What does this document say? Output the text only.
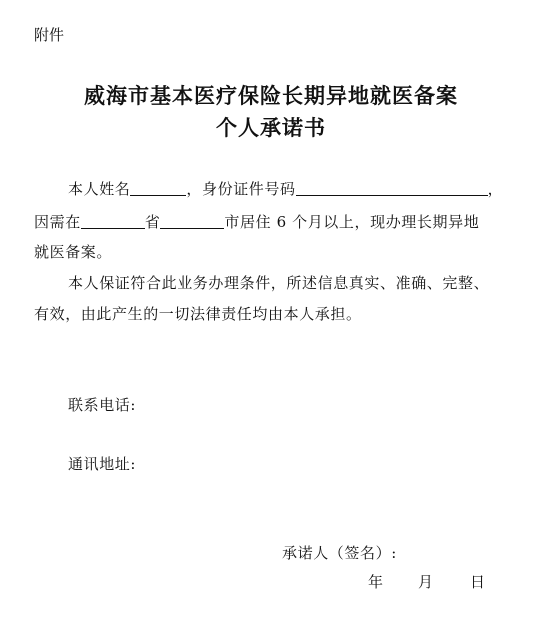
附件
威海市基本医疗保险长期异地就医备案
个人承诺书
本人姓名	，身份证件号码	，
因需在	省	市居住 6 个月以上，现办理长期异地
就医备案。
本人保证符合此业务办理条件，所述信息真实、准确、完整、
有效，由此产生的一切法律责任均由本人承担。
联系电话:
通讯地址:
承诺人（签名）:
年 月 日
